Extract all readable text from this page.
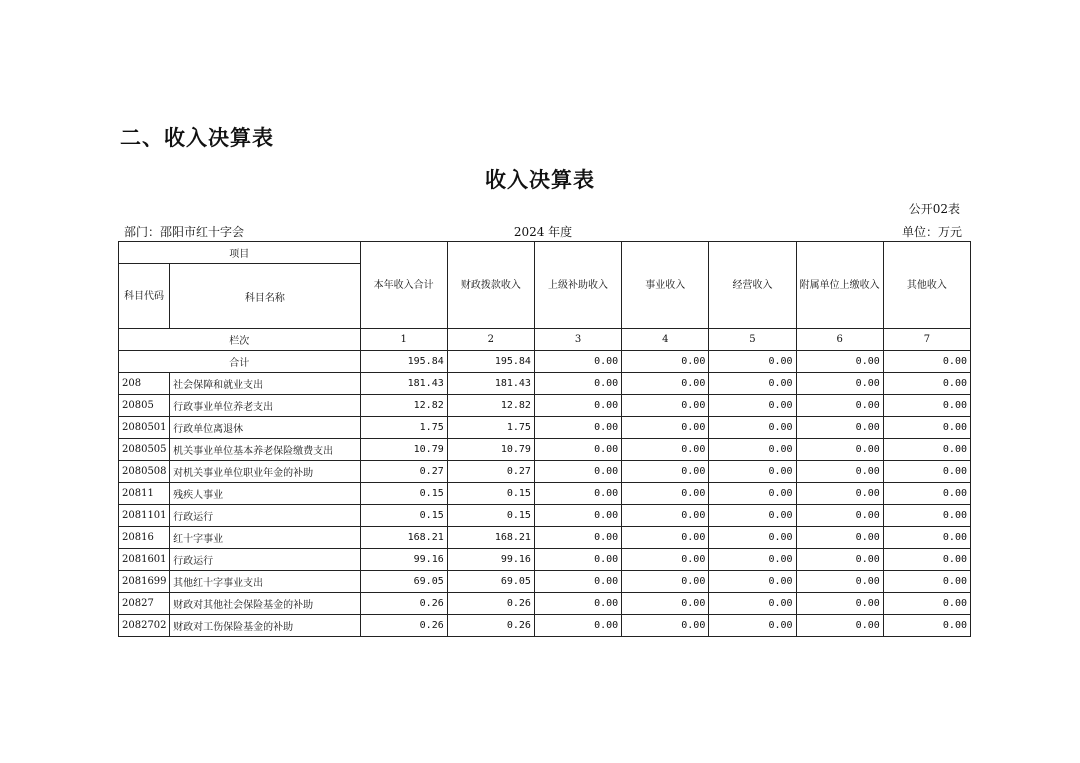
二、收入决算表
收入决算表
公开02表
部门：邵阳市红十字会	2024 年度	单位：万元
项目		本年收入合计	财政拨款收入	上级补助收入	事业收入	经营收入	附属单位上缴收入	其他收入
科目代码	科目名称							
栏次		1	2	3	4	5	6	7
合计		195.84	195.84	0.00	0.00	0.00	0.00	0.00
208	社会保障和就业支出	181.43	181.43	0.00	0.00	0.00	0.00	0.00
20805	行政事业单位养老支出	12.82	12.82	0.00	0.00	0.00	0.00	0.00
2080501	行政单位离退休	1.75	1.75	0.00	0.00	0.00	0.00	0.00
2080505	机关事业单位基本养老保险缴费支出	10.79	10.79	0.00	0.00	0.00	0.00	0.00
2080508	对机关事业单位职业年金的补助	0.27	0.27	0.00	0.00	0.00	0.00	0.00
20811	残疾人事业	0.15	0.15	0.00	0.00	0.00	0.00	0.00
2081101	行政运行	0.15	0.15	0.00	0.00	0.00	0.00	0.00
20816	红十字事业	168.21	168.21	0.00	0.00	0.00	0.00	0.00
2081601	行政运行	99.16	99.16	0.00	0.00	0.00	0.00	0.00
2081699	其他红十字事业支出	69.05	69.05	0.00	0.00	0.00	0.00	0.00
20827	财政对其他社会保险基金的补助	0.26	0.26	0.00	0.00	0.00	0.00	0.00
2082702	财政对工伤保险基金的补助	0.26	0.26	0.00	0.00	0.00	0.00	0.00
